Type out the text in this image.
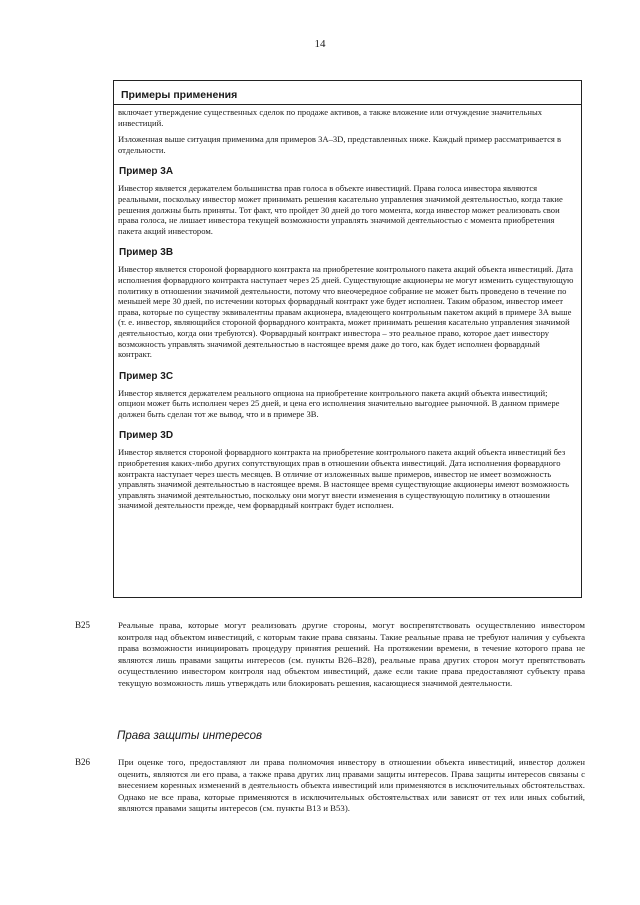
14
Примеры применения

включает утверждение существенных сделок по продаже активов, а также вложение или отчуждение значительных инвестиций.

Изложенная выше ситуация применима для примеров 3A–3D, представленных ниже. Каждый пример рассматривается в отдельности.

Пример 3А

Инвестор является держателем большинства прав голоса в объекте инвестиций. Права голоса инвестора являются реальными, поскольку инвестор может принимать решения касательно управления значимой деятельностью, когда такие решения должны быть приняты. Тот факт, что пройдет 30 дней до того момента, когда инвестор может реализовать свои права голоса, не лишает инвестора текущей возможности управлять значимой деятельностью с момента приобретения пакета акций инвестором.

Пример 3В

Инвестор является стороной форвардного контракта на приобретение контрольного пакета акций объекта инвестиций. Дата исполнения форвардного контракта наступает через 25 дней. Существующие акционеры не могут изменить существующую политику в отношении значимой деятельности, потому что внеочередное собрание не может быть проведено в течение по меньшей мере 30 дней, по истечении которых форвардный контракт уже будет исполнен. Таким образом, инвестор имеет права, которые по существу эквивалентны правам акционера, владеющего контрольным пакетом акций в примере 3А выше (т. е. инвестор, являющийся стороной форвардного контракта, может принимать решения касательно управления значимой деятельностью, когда они требуются). Форвардный контракт инвестора – это реальное право, которое дает инвестору возможность управлять значимой деятельностью в настоящее время даже до того, как будет исполнен форвардный контракт.

Пример 3С

Инвестор является держателем реального опциона на приобретение контрольного пакета акций объекта инвестиций; опцион может быть исполнен через 25 дней, и цена его исполнения значительно выгоднее рыночной. В данном примере должен быть сделан тот же вывод, что и в примере 3В.

Пример 3D

Инвестор является стороной форвардного контракта на приобретение контрольного пакета акций объекта инвестиций без приобретения каких-либо других сопутствующих прав в отношении объекта инвестиций. Дата исполнения форвардного контракта наступает через шесть месяцев. В отличие от изложенных выше примеров, инвестор не имеет возможность управлять значимой деятельностью в настоящее время. В настоящее время существующие акционеры имеют возможность управлять значимой деятельностью, поскольку они могут внести изменения в существующую политику в отношении значимой деятельности прежде, чем форвардный контракт будет исполнен.

B25	Реальные права, которые могут реализовать другие стороны, могут воспрепятствовать осуществлению инвестором контроля над объектом инвестиций, с которым такие права связаны. Такие реальные права не требуют наличия у субъекта права возможности инициировать процедуру принятия решений. На протяжении времени, в течение которого права не являются лишь правами защиты интересов (см. пункты B26–B28), реальные права других сторон могут препятствовать осуществлению инвестором контроля над объектом инвестиций, даже если такие права предоставляют субъекту права текущую возможность лишь утверждать или блокировать решения, касающиеся значимой деятельности.

Права защиты интересов
B26	При оценке того, предоставляют ли права полномочия инвестору в отношении объекта инвестиций, инвестор должен оценить, являются ли его права, а также права других лиц правами защиты интересов. Права защиты интересов связаны с внесением коренных изменений в деятельность объекта инвестиций или применяются в исключительных обстоятельствах. Однако не все права, которые применяются в исключительных обстоятельствах или зависят от тех или иных событий, являются правами защиты интересов (см. пункты B13 и B53).
